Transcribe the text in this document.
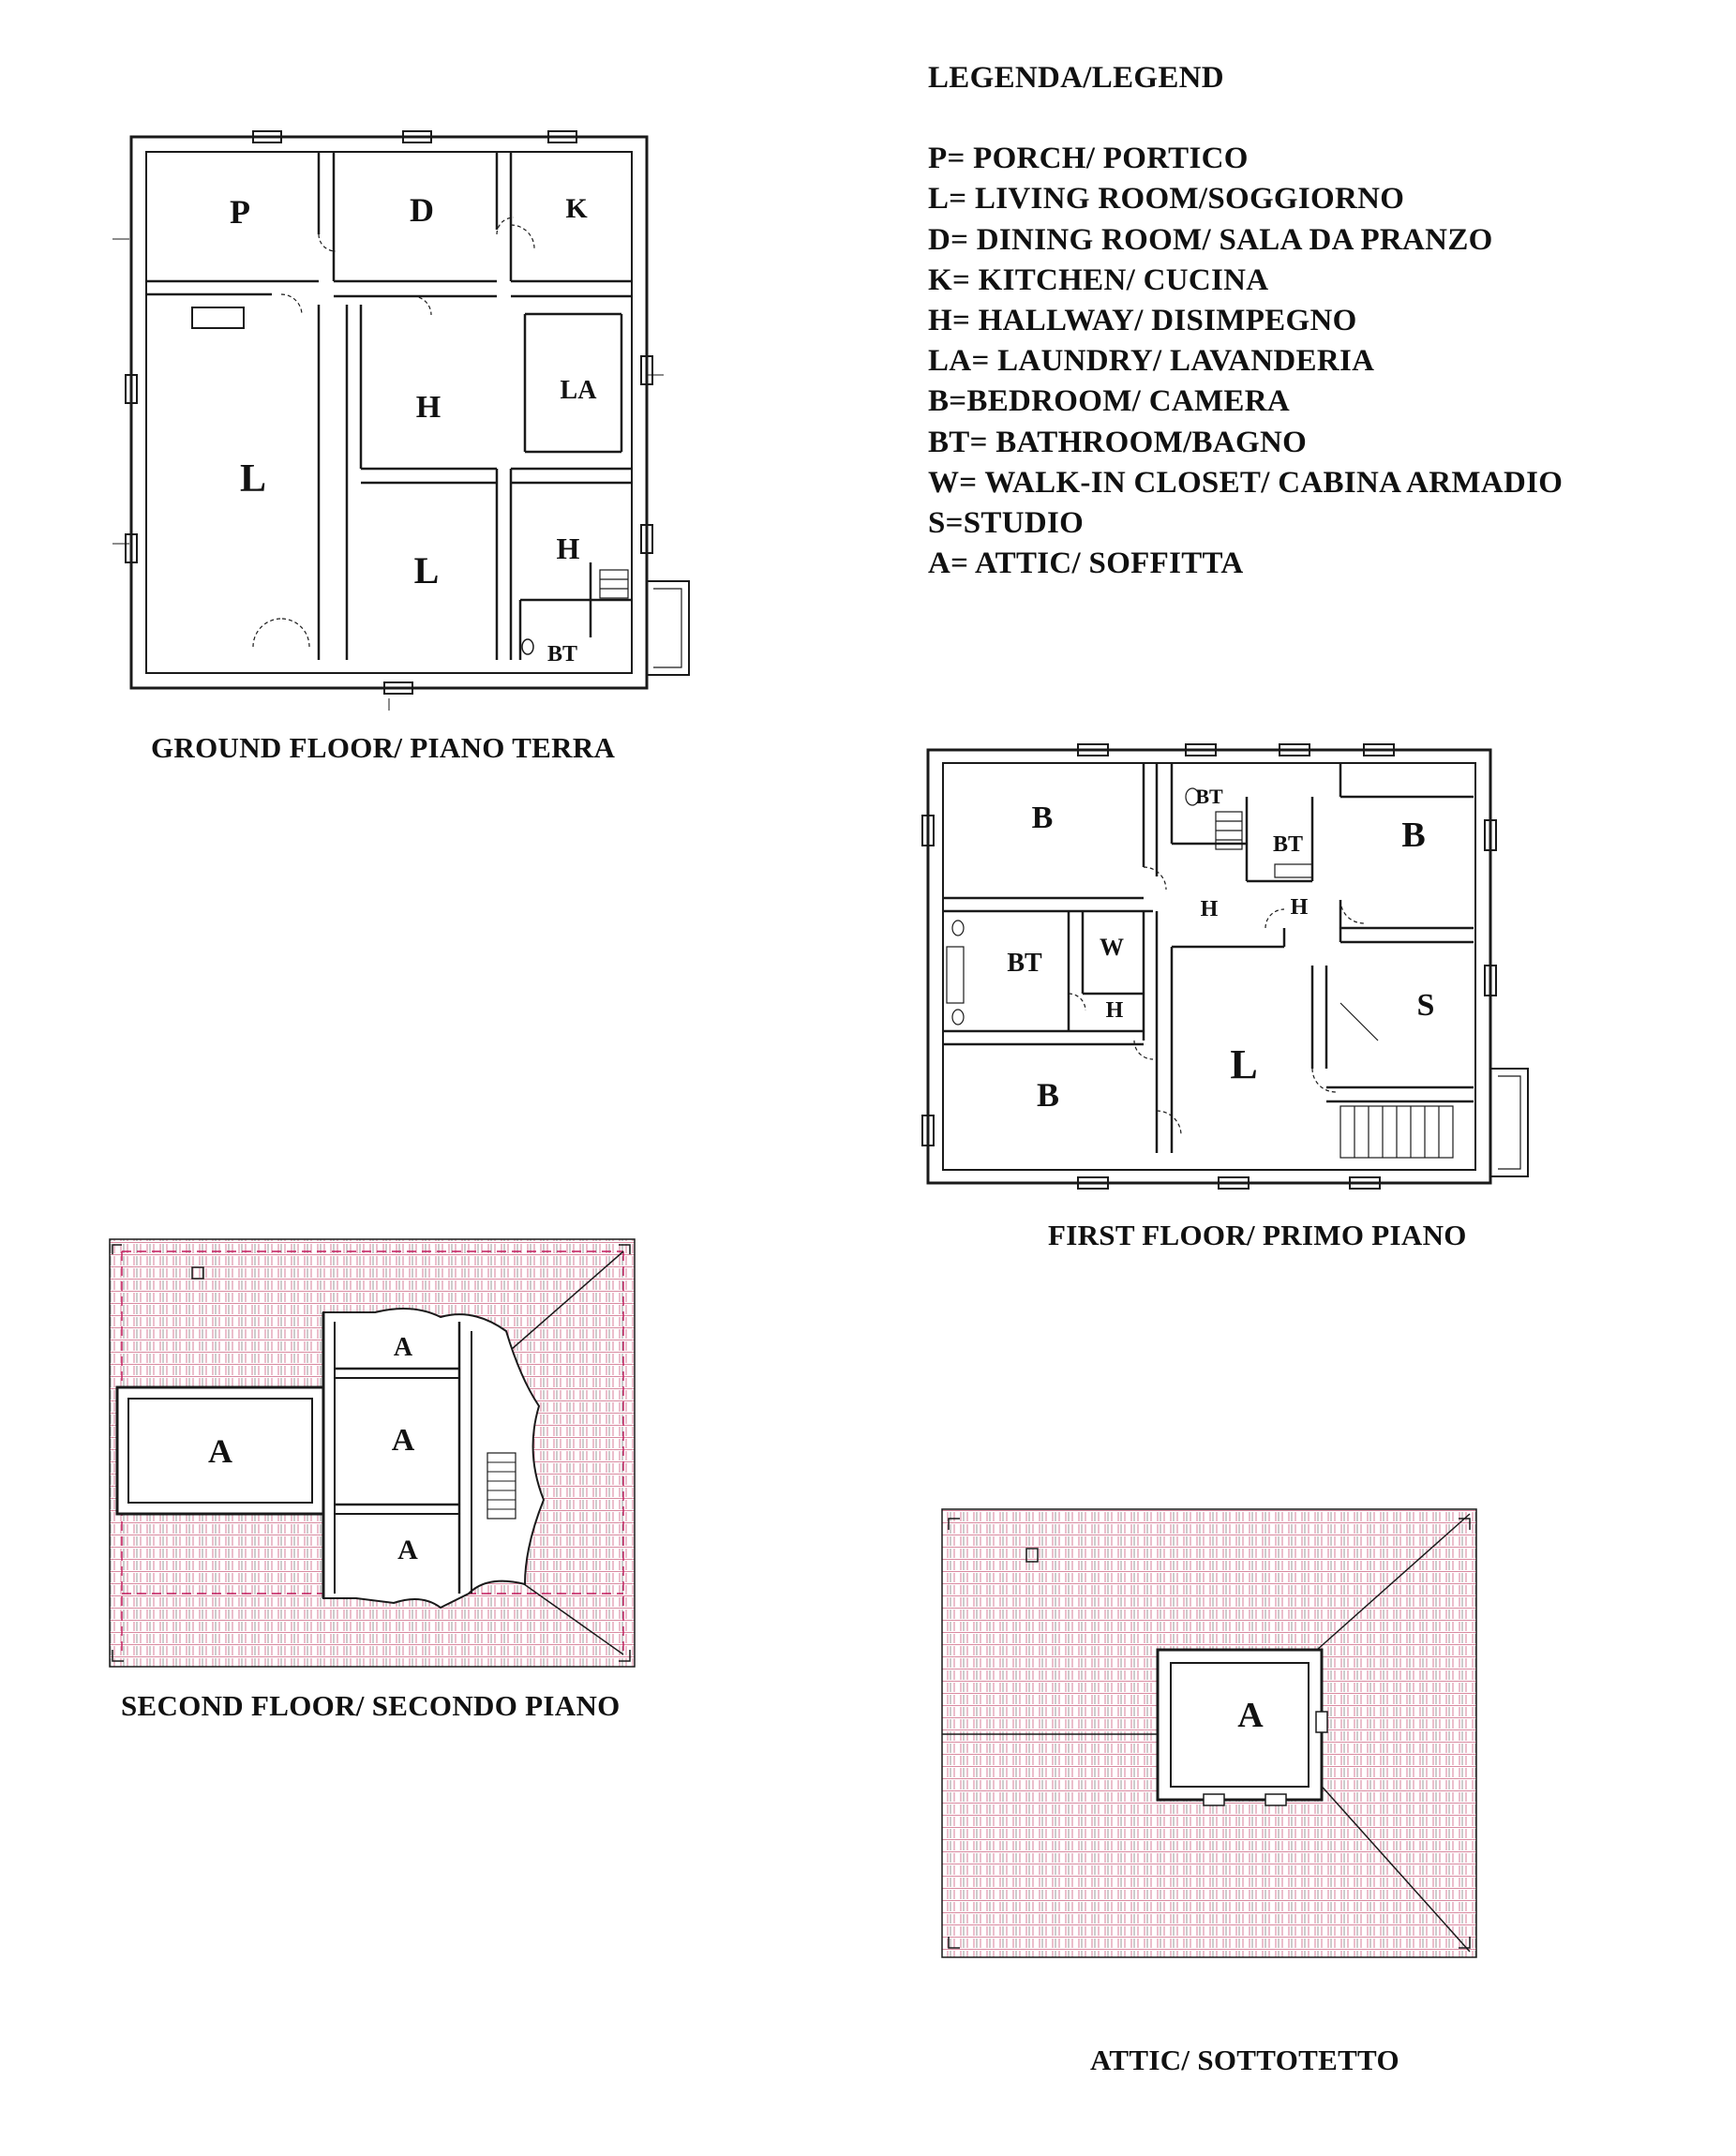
LEGENDA/LEGEND
P= PORCH/ PORTICO
L= LIVING ROOM/SOGGIORNO
D= DINING ROOM/ SALA DA PRANZO
K= KITCHEN/ CUCINA
H= HALLWAY/ DISIMPEGNO
LA= LAUNDRY/ LAVANDERIA
B=BEDROOM/ CAMERA
BT= BATHROOM/BAGNO
W= WALK-IN CLOSET/ CABINA ARMADIO
S=STUDIO
A= ATTIC/ SOFFITTA
GROUND FLOOR/ PIANO TERRA
FIRST FLOOR/ PRIMO PIANO
SECOND FLOOR/ SECONDO PIANO
ATTIC/ SOTTOTETTO
P	D	K
LA
H
L
L
H
BT
B
BT
BT	B
H	H
BT
W
H	S
L
B
A
A	A
A
A
